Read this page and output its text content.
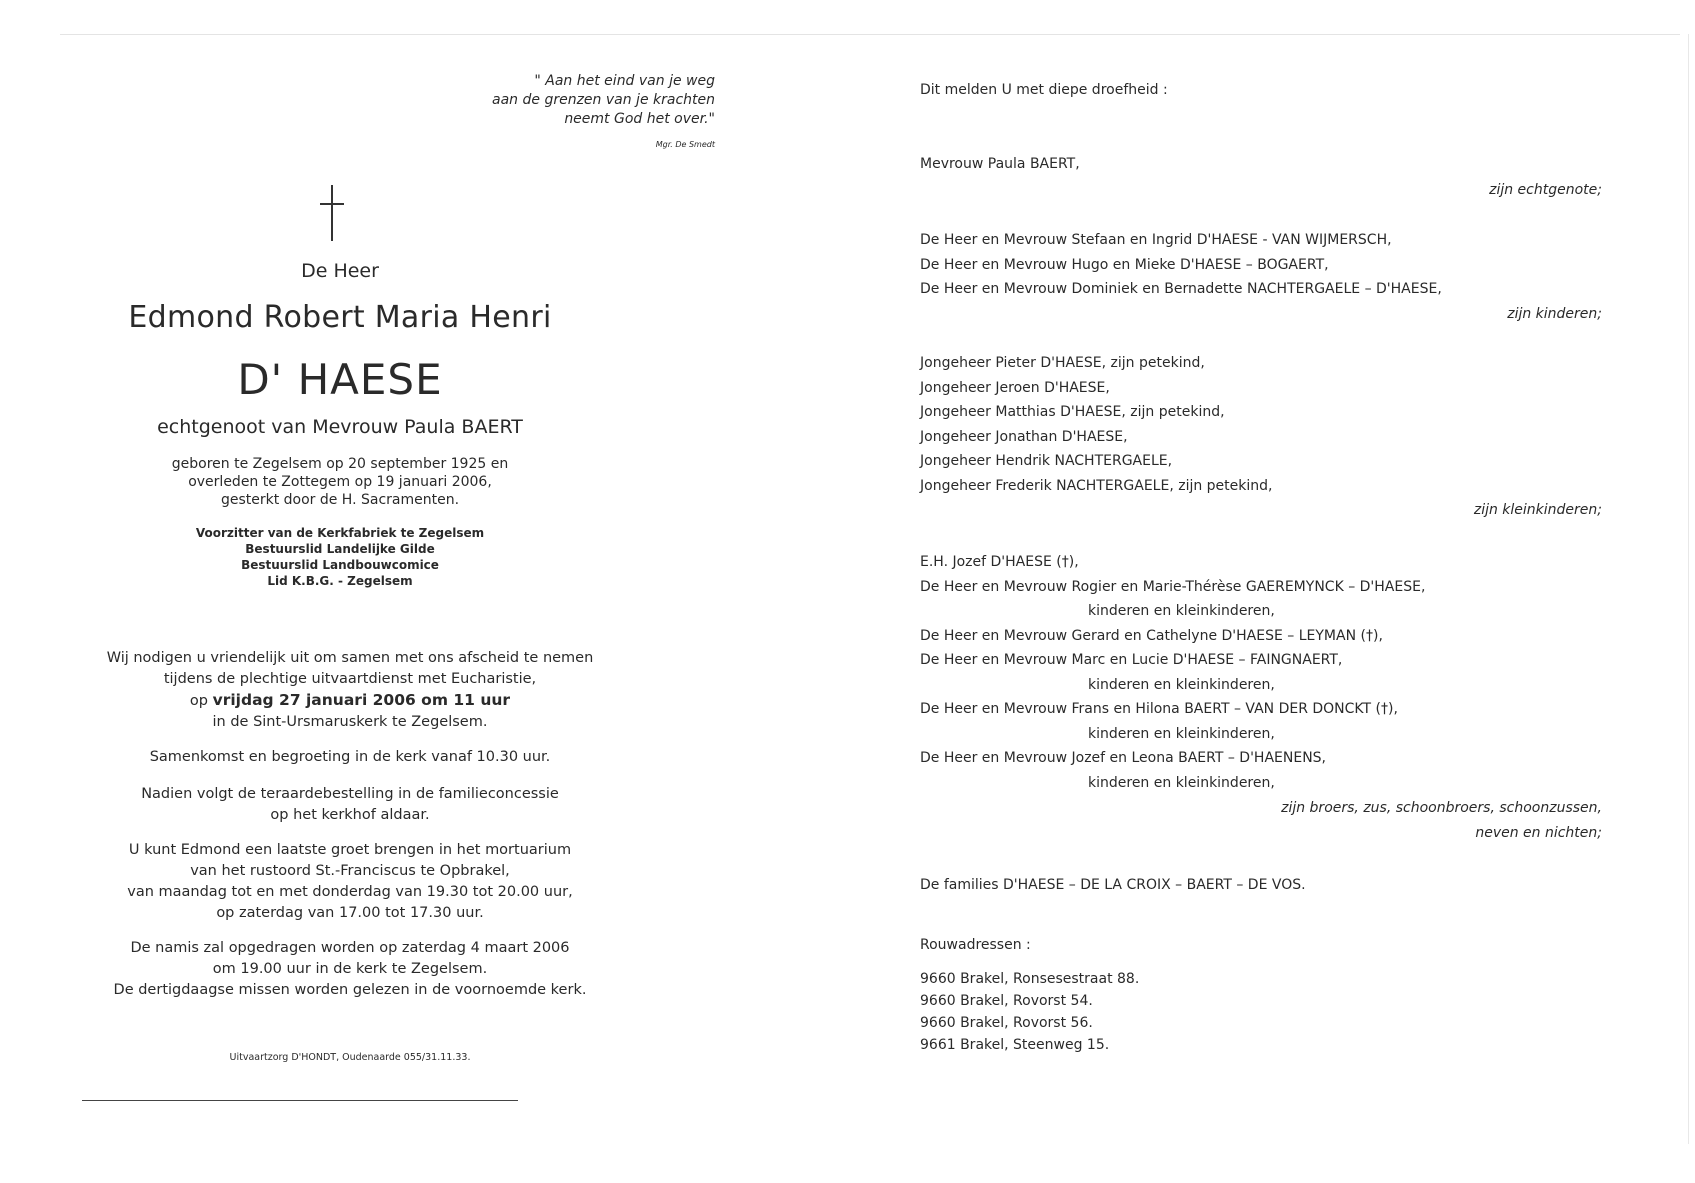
" Aan het eind van je weg
aan de grenzen van je krachten
neemt God het over."
Mgr. De Smedt
De Heer
Edmond Robert Maria Henri
D' HAESE
echtgenoot van Mevrouw Paula BAERT
geboren te Zegelsem op 20 september 1925 en
overleden te Zottegem op 19 januari 2006,
gesterkt door de H. Sacramenten.
Voorzitter van de Kerkfabriek te Zegelsem
Bestuurslid Landelijke Gilde
Bestuurslid Landbouwcomice
Lid K.B.G. - Zegelsem
Wij nodigen u vriendelijk uit om samen met ons afscheid te nemen
tijdens de plechtige uitvaartdienst met Eucharistie,
op vrijdag 27 januari 2006 om 11 uur
in de Sint-Ursmaruskerk te Zegelsem.
Samenkomst en begroeting in de kerk vanaf 10.30 uur.
Nadien volgt de teraardebestelling in de familieconcessie
op het kerkhof aldaar.
U kunt Edmond een laatste groet brengen in het mortuarium
van het rustoord St.-Franciscus te Opbrakel,
van maandag tot en met donderdag van 19.30 tot 20.00 uur,
op zaterdag van 17.00 tot 17.30 uur.
De namis zal opgedragen worden op zaterdag 4 maart 2006
om 19.00 uur in de kerk te Zegelsem.
De dertigdaagse missen worden gelezen in de voornoemde kerk.
Uitvaartzorg D'HONDT, Oudenaarde 055/31.11.33.
Dit melden U met diepe droefheid :
Mevrouw Paula BAERT,
zijn echtgenote;
De Heer en Mevrouw Stefaan en Ingrid D'HAESE - VAN WIJMERSCH,
De Heer en Mevrouw Hugo en Mieke D'HAESE – BOGAERT,
De Heer en Mevrouw Dominiek en Bernadette NACHTERGAELE – D'HAESE,
zijn kinderen;
Jongeheer Pieter D'HAESE, zijn petekind,
Jongeheer Jeroen D'HAESE,
Jongeheer Matthias D'HAESE, zijn petekind,
Jongeheer Jonathan D'HAESE,
Jongeheer Hendrik NACHTERGAELE,
Jongeheer Frederik NACHTERGAELE, zijn petekind,
zijn kleinkinderen;
E.H. Jozef D'HAESE (†),
De Heer en Mevrouw Rogier en Marie-Thérèse GAEREMYNCK – D'HAESE,
kinderen en kleinkinderen,
De Heer en Mevrouw Gerard en Cathelyne D'HAESE – LEYMAN (†),
De Heer en Mevrouw Marc en Lucie D'HAESE – FAINGNAERT,
kinderen en kleinkinderen,
De Heer en Mevrouw Frans en Hilona BAERT – VAN DER DONCKT (†),
kinderen en kleinkinderen,
De Heer en Mevrouw Jozef en Leona BAERT – D'HAENENS,
kinderen en kleinkinderen,
zijn broers, zus, schoonbroers, schoonzussen,
neven en nichten;
De families D'HAESE – DE LA CROIX – BAERT – DE VOS.
Rouwadressen :
9660 Brakel, Ronsesestraat 88.
9660 Brakel, Rovorst 54.
9660 Brakel, Rovorst 56.
9661 Brakel, Steenweg 15.
